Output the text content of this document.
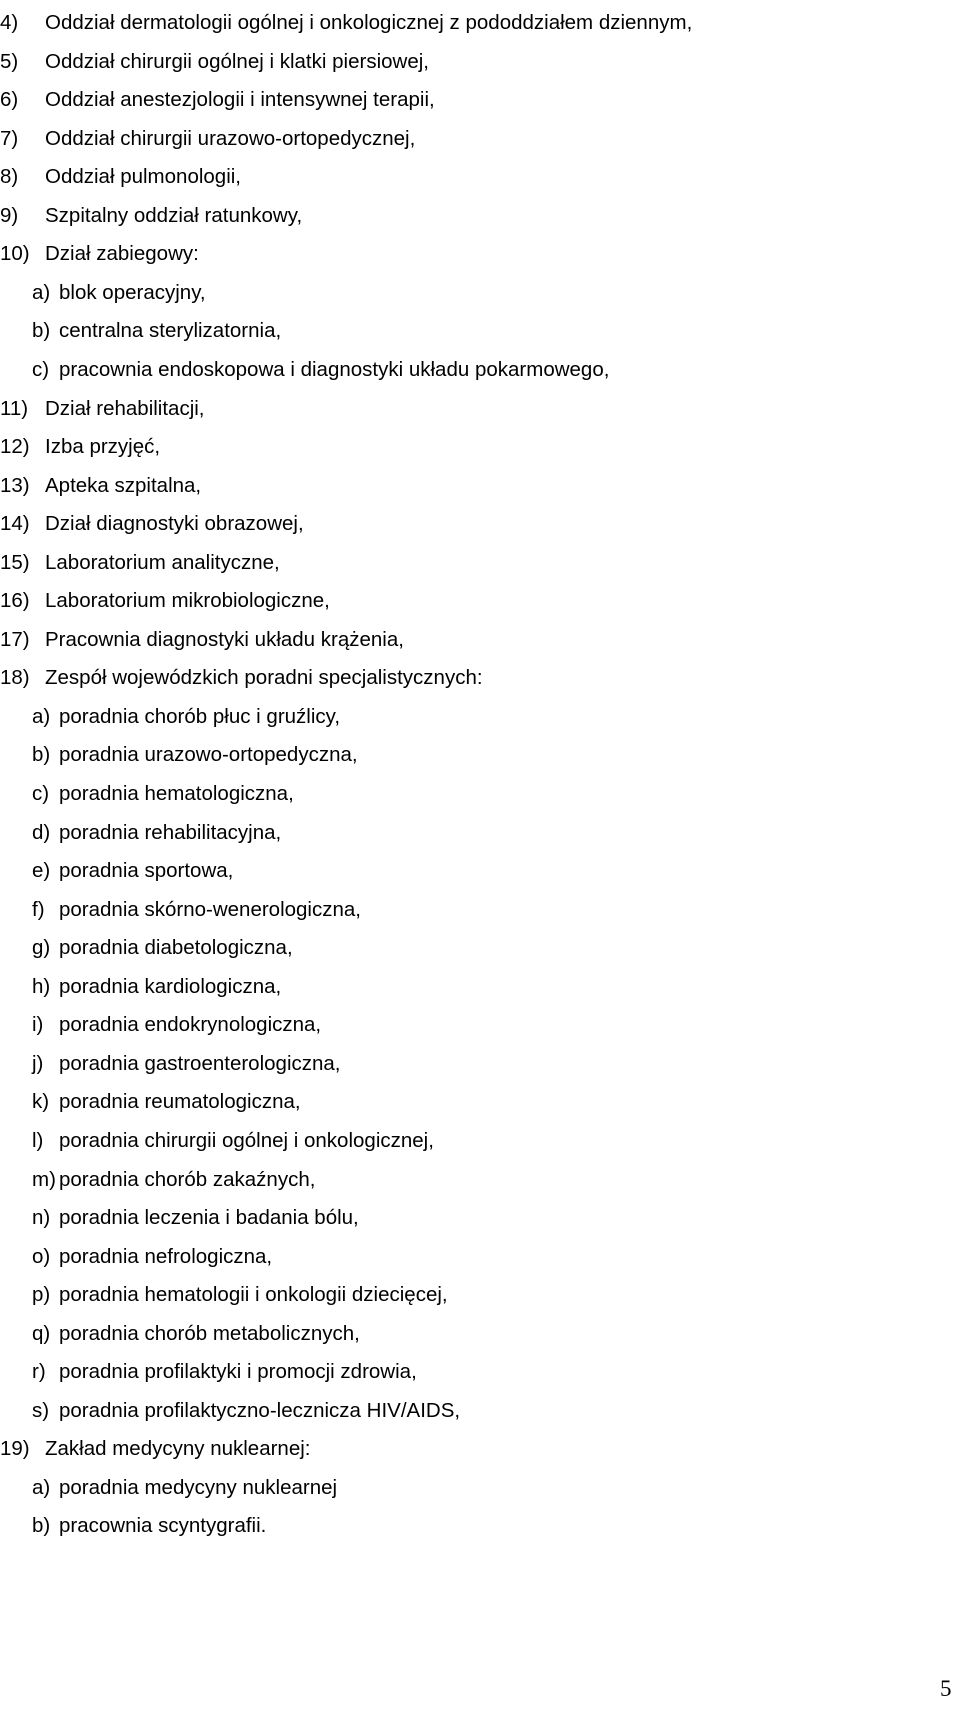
4) Oddział dermatologii ogólnej i onkologicznej z pododdziałem dziennym,
5) Oddział chirurgii ogólnej i klatki piersiowej,
6) Oddział anestezjologii i intensywnej terapii,
7) Oddział chirurgii urazowo-ortopedycznej,
8) Oddział pulmonologii,
9) Szpitalny oddział ratunkowy,
10) Dział zabiegowy:
a) blok operacyjny,
b) centralna sterylizatornia,
c) pracownia endoskopowa i diagnostyki układu pokarmowego,
11) Dział rehabilitacji,
12) Izba przyjęć,
13) Apteka szpitalna,
14) Dział diagnostyki obrazowej,
15) Laboratorium analityczne,
16) Laboratorium mikrobiologiczne,
17) Pracownia diagnostyki układu krążenia,
18) Zespół wojewódzkich poradni specjalistycznych:
a) poradnia chorób płuc i gruźlicy,
b) poradnia urazowo-ortopedyczna,
c) poradnia hematologiczna,
d) poradnia rehabilitacyjna,
e) poradnia sportowa,
f) poradnia skórno-wenerologiczna,
g) poradnia diabetologiczna,
h) poradnia kardiologiczna,
i) poradnia endokrynologiczna,
j) poradnia gastroenterologiczna,
k) poradnia reumatologiczna,
l) poradnia chirurgii ogólnej i onkologicznej,
m) poradnia chorób zakaźnych,
n) poradnia leczenia i badania bólu,
o) poradnia nefrologiczna,
p) poradnia hematologii i onkologii dziecięcej,
q) poradnia chorób metabolicznych,
r) poradnia profilaktyki i promocji zdrowia,
s) poradnia profilaktyczno-lecznicza HIV/AIDS,
19) Zakład medycyny nuklearnej:
a) poradnia medycyny nuklearnej
b) pracownia scyntygrafii.
5
